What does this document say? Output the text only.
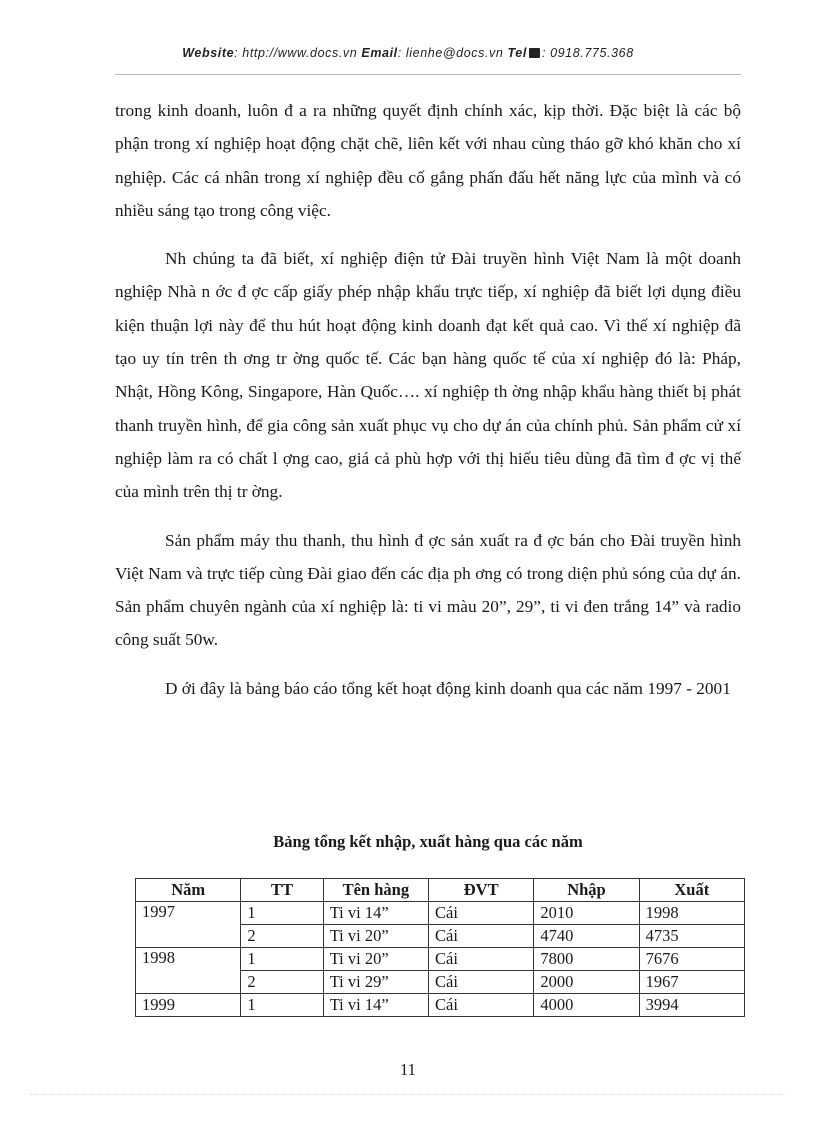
Website: http://www.docs.vn Email: lienhe@docs.vn Tel : 0918.775.368

trong kinh doanh, luôn đ a ra những quyết định chính xác, kịp thời. Đặc biệt là các bộ phận trong xí nghiệp hoạt động chặt chẽ, liên kết với nhau cùng tháo gỡ khó khăn cho xí nghiệp. Các cá nhân trong xí nghiệp đều cố gắng phấn đấu hết năng lực của mình và có nhiều sáng tạo trong công việc.

Nh chúng ta đã biết, xí nghiệp điện tử Đài truyền hình Việt Nam là một doanh nghiệp Nhà n ớc đ ợc cấp giấy phép nhập khẩu trực tiếp, xí nghiệp đã biết lợi dụng điều kiện thuận lợi này để thu hút hoạt động kinh doanh đạt kết quả cao. Vì thế xí nghiệp đã tạo uy tín trên th ơng tr ờng quốc tế. Các bạn hàng quốc tế của xí nghiệp đó là: Pháp, Nhật, Hồng Kông, Singapore, Hàn Quốc…. xí nghiệp th ờng nhập khẩu hàng thiết bị phát thanh truyền hình, để gia công sản xuất phục vụ cho dự án của chính phủ. Sản phẩm cử xí nghiệp làm ra có chất l ợng cao, giá cả phù hợp với thị hiếu tiêu dùng đã tìm đ ợc vị thế của mình trên thị tr ờng.

Sản phẩm máy thu thanh, thu hình đ ợc sản xuất ra đ ợc bán cho Đài truyền hình Việt Nam và trực tiếp cùng Đài giao đến các địa ph ơng có trong diện phủ sóng của dự án. Sản phẩm chuyên ngành của xí nghiệp là: ti vi màu 20”, 29”, ti vi đen trắng 14” và radio công suất 50w.

D ới đây là bảng báo cáo tổng kết hoạt động kinh doanh qua các năm 1997 - 2001

Bảng tổng kết nhập, xuất hàng qua các năm
Năm	TT	Tên hàng	ĐVT	Nhập	Xuất
1997	1	Ti vi 14”	Cái	2010	1998
	2	Ti vi 20”	Cái	4740	4735
1998	1	Ti vi 20”	Cái	7800	7676
	2	Ti vi 29”	Cái	2000	1967
1999	1	Ti vi 14”	Cái	4000	3994
11
